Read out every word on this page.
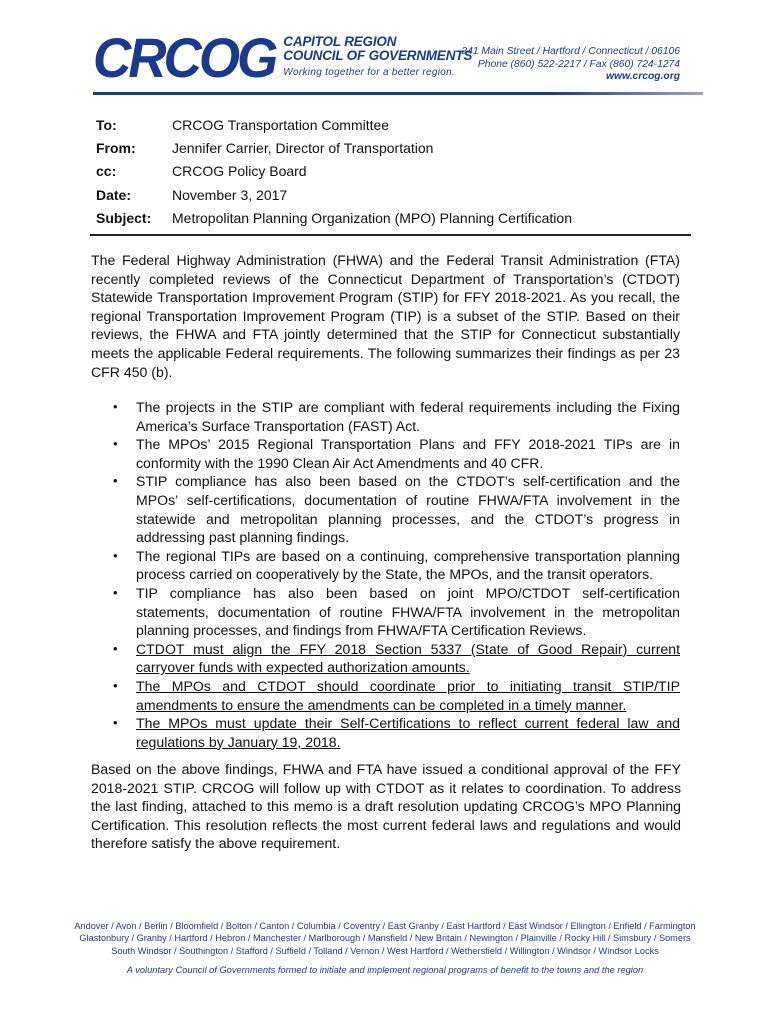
CRCOG CAPITOL REGION
COUNCIL OF GOVERNMENTS
Working together for a better region.
241 Main Street / Hartford / Connecticut / 06106
Phone (860) 522-2217 / Fax (860) 724-1274
www.crcog.org
To:	CRCOG Transportation Committee
From:	Jennifer Carrier, Director of Transportation
cc:	CRCOG Policy Board
Date:	November 3, 2017
Subject:	Metropolitan Planning Organization (MPO) Planning Certification
The Federal Highway Administration (FHWA) and the Federal Transit Administration (FTA) recently completed reviews of the Connecticut Department of Transportation’s (CTDOT) Statewide Transportation Improvement Program (STIP) for FFY 2018-2021. As you recall, the regional Transportation Improvement Program (TIP) is a subset of the STIP. Based on their reviews, the FHWA and FTA jointly determined that the STIP for Connecticut substantially meets the applicable Federal requirements. The following summarizes their findings as per 23 CFR 450 (b).
• The projects in the STIP are compliant with federal requirements including the Fixing America’s Surface Transportation (FAST) Act.
• The MPOs’ 2015 Regional Transportation Plans and FFY 2018-2021 TIPs are in conformity with the 1990 Clean Air Act Amendments and 40 CFR.
• STIP compliance has also been based on the CTDOT’s self-certification and the MPOs’ self-certifications, documentation of routine FHWA/FTA involvement in the statewide and metropolitan planning processes, and the CTDOT’s progress in addressing past planning findings.
• The regional TIPs are based on a continuing, comprehensive transportation planning process carried on cooperatively by the State, the MPOs, and the transit operators.
• TIP compliance has also been based on joint MPO/CTDOT self-certification statements, documentation of routine FHWA/FTA involvement in the metropolitan planning processes, and findings from FHWA/FTA Certification Reviews.
• CTDOT must align the FFY 2018 Section 5337 (State of Good Repair) current carryover funds with expected authorization amounts.
• The MPOs and CTDOT should coordinate prior to initiating transit STIP/TIP amendments to ensure the amendments can be completed in a timely manner.
• The MPOs must update their Self-Certifications to reflect current federal law and regulations by January 19, 2018.
Based on the above findings, FHWA and FTA have issued a conditional approval of the FFY 2018-2021 STIP. CRCOG will follow up with CTDOT as it relates to coordination. To address the last finding, attached to this memo is a draft resolution updating CRCOG’s MPO Planning Certification. This resolution reflects the most current federal laws and regulations and would therefore satisfy the above requirement.
Andover / Avon / Berlin / Bloomfield / Bolton / Canton / Columbia / Coventry / East Granby / East Hartford / East Windsor / Ellington / Enfield / Farmington
Glastonbury / Granby / Hartford / Hebron / Manchester / Marlborough / Mansfield / New Britain / Newington / Plainville / Rocky Hill / Simsbury / Somers
South Windsor / Southington / Stafford / Suffield / Tolland / Vernon / West Hartford / Wethersfield / Willington / Windsor / Windsor Locks
A voluntary Council of Governments formed to initiate and implement regional programs of benefit to the towns and the region
